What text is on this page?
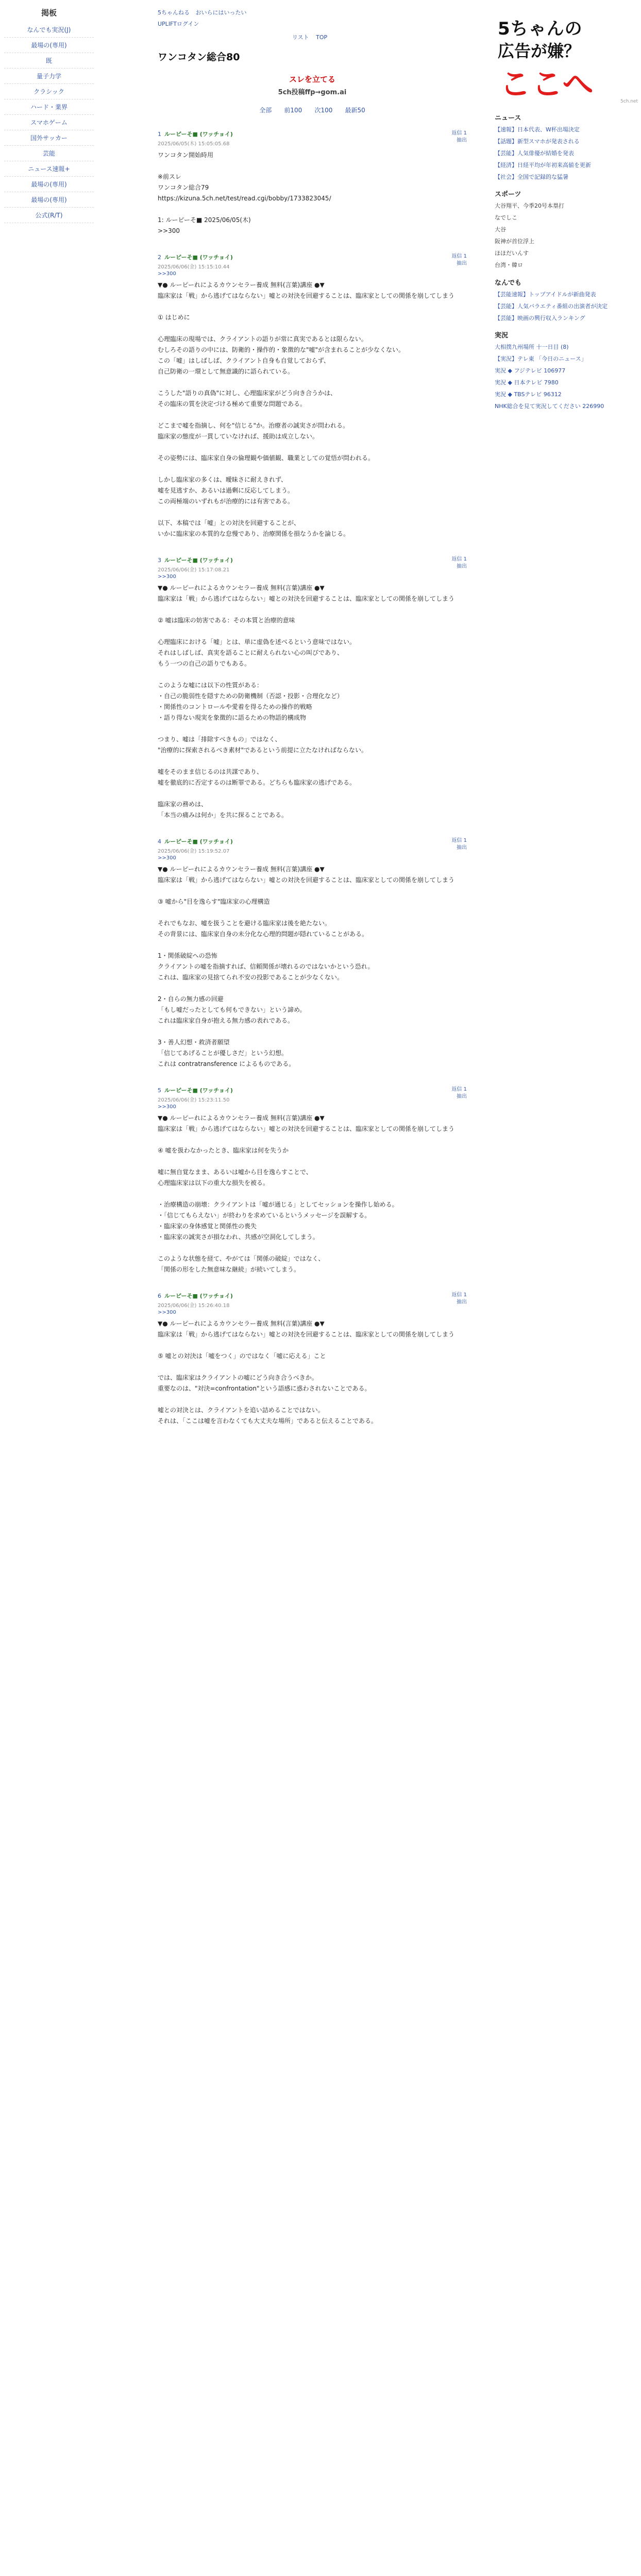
掲板
なんでも実況(J)
最場の(専用)
既
量子力学
クラシック
ハード・業界
スマホゲーム
国外サッカー
芸能
ニュース速報+
最場の(専用)
最場の(専用)
公式(R/T)
5ちゃんねる おいらにはいったい
UPLIFTログイン
リスト TOP
ワンコタン総合80
スレを立てる
5ch投稿ffp→gom.ai
全部 前100 次100 最新50
1 ルーピーそ■ (ワッチョイ)
2025/06/05(木) 15:05:05.68
返信 1
抽出
ワンコタン開始時用

※前スレ
ワンコタン総合79
https://kizuna.5ch.net/test/read.cgi/bobby/1733823045/

1: ルーピーそ■ 2025/06/05(木)
>>300
2 ルーピーそ■ (ワッチョイ)
2025/06/06(金) 15:15:10.44
>>300
返信 1
抽出
▼● ルーピーれによるカウンセラー養成 無料(言葉)講座 ●▼
臨床家は「戦」から逃げてはならない」嘘との対決を回避することは、臨床家としての関係を崩してしまう

① はじめに

心理臨床の現場では、クライアントの語りが常に真実であるとは限らない。
むしろその語りの中には、防衛的・操作的・象徴的な"嘘"が含まれることが少なくない。
この「嘘」はしばしば、クライアント自身も自覚しておらず、
自己防衛の一環として無意識的に語られている。

こうした"語りの真偽"に対し、心理臨床家がどう向き合うかは、
その臨床の質を決定づける極めて重要な問題である。

どこまで嘘を指摘し、何を"信じる"か。治療者の誠実さが問われる。
臨床家の態度が一貫していなければ、援助は成立しない。

その姿勢には、臨床家自身の倫理観や価値観、職業としての覚悟が問われる。

しかし臨床家の多くは、曖昧さに耐えきれず、
嘘を見逃すか、あるいは過剰に反応してしまう。
この両極端のいずれもが治療的には有害である。

以下、本稿では「嘘」との対決を回避することが、
いかに臨床家の本質的な怠慢であり、治療関係を損なうかを論じる。
3 ルーピーそ■ (ワッチョイ)
2025/06/06(金) 15:17:08.21
>>300
返信 1
抽出
▼● ルーピーれによるカウンセラー養成 無料(言葉)講座 ●▼
臨床家は「戦」から逃げてはならない」嘘との対決を回避することは、臨床家としての関係を崩してしまう

② 嘘は臨床の妨害である：その本質と治療的意味

心理臨床における「嘘」とは、単に虚偽を述べるという意味ではない。
それはしばしば、真実を語ることに耐えられない心の叫びであり、
もう一つの自己の語りでもある。

このような嘘には以下の性質がある：
・自己の脆弱性を隠すための防衛機制（否認・投影・合理化など）
・関係性のコントロールや愛着を得るための操作的戦略
・語り得ない現実を象徴的に語るための物語的構成物

つまり、嘘は「排除すべきもの」ではなく、
"治療的に探索されるべき素材"であるという前提に立たなければならない。

嘘をそのまま信じるのは共謀であり、
嘘を徹底的に否定するのは断罪である。どちらも臨床家の逃げである。

臨床家の務めは、
「本当の痛みは何か」を共に探ることである。
4 ルーピーそ■ (ワッチョイ)
2025/06/06(金) 15:19:52.07
>>300
返信 1
抽出
▼● ルーピーれによるカウンセラー養成 無料(言葉)講座 ●▼
臨床家は「戦」から逃げてはならない」嘘との対決を回避することは、臨床家としての関係を崩してしまう

③ 嘘から"目を逸らす"臨床家の心理構造

それでもなお、嘘を扱うことを避ける臨床家は後を絶たない。
その背景には、臨床家自身の未分化な心理的問題が隠れていることがある。

1・関係破綻への恐怖
クライアントの嘘を指摘すれば、信頼関係が壊れるのではないかという恐れ。
これは、臨床家の見捨てられ不安の投影であることが少なくない。

2・自らの無力感の回避
「もし嘘だったとしても何もできない」という諦め。
これは臨床家自身が抱える無力感の表れである。

3・善人幻想・救済者願望
「信じてあげることが優しさだ」という幻想。
これは contratransference によるものである。
5 ルーピーそ■ (ワッチョイ)
2025/06/06(金) 15:23:11.50
>>300
返信 1
抽出
▼● ルーピーれによるカウンセラー養成 無料(言葉)講座 ●▼
臨床家は「戦」から逃げてはならない」嘘との対決を回避することは、臨床家としての関係を崩してしまう

④ 嘘を扱わなかったとき、臨床家は何を失うか

嘘に無自覚なまま、あるいは嘘から目を逸らすことで、
心理臨床家は以下の重大な損失を被る。

・治療構造の崩壊：クライアントは「嘘が通じる」としてセッションを操作し始める。
・「信じてもらえない」が終わりを求めているというメッセージを誤解する。
・臨床家の身体感覚と関係性の喪失
・臨床家の誠実さが損なわれ、共感が空洞化してしまう。

このような状態を経て、やがては「関係の破綻」ではなく、
「関係の形をした無意味な継続」が続いてしまう。
6 ルーピーそ■ (ワッチョイ)
2025/06/06(金) 15:26:40.18
>>300
返信 1
抽出
▼● ルーピーれによるカウンセラー養成 無料(言葉)講座 ●▼
臨床家は「戦」から逃げてはならない」嘘との対決を回避することは、臨床家としての関係を崩してしまう

⑤ 嘘との対決は「嘘をつく」のではなく「嘘に応える」こと

では、臨床家はクライアントの嘘にどう向き合うべきか。
重要なのは、"対決=confrontation"という語感に惑わされないことである。

嘘との対決とは、クライアントを追い詰めることではない。
それは、「ここは嘘を言わなくても大丈夫な場所」であると伝えることである。
5ちゃんの
広告が嫌？
ここへ	5ch.net
ニュース
【速報】日本代表、W杯出場決定
【話題】新型スマホが発表される
【芸能】人気俳優が結婚を発表
【経済】日経平均が年初来高値を更新
【社会】全国で記録的な猛暑
スポーツ
大谷翔平、今季20号本塁打
なでしこ
大谷
阪神が首位浮上
ほほだいんす
台湾・韓ロ
なんでも
【芸能速報】トップアイドルが新曲発表
【芸能】人気バラエティ番組の出演者が決定
【芸能】映画の興行収入ランキング
実況
大相撲九州場所 十一日目 (8)
【実況】テレ東 「今日のニュース」
実況 ◆ フジテレビ 106977
実況 ◆ 日本テレビ 7980
実況 ◆ TBSテレビ 96312
NHK総合を見て実況してください 226990
